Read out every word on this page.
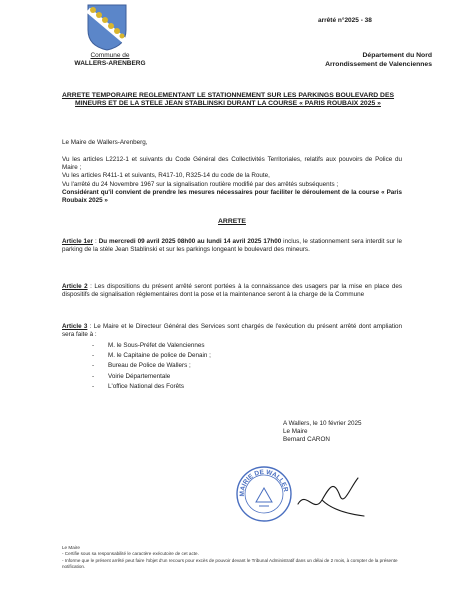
Commune de
WALLERS-ARENBERG
arrêté n°2025 - 38
Département du Nord
Arrondissement de Valenciennes
ARRETE TEMPORAIRE REGLEMENTANT LE STATIONNEMENT SUR LES PARKINGS BOULEVARD DES MINEURS ET DE LA STELE JEAN STABLINSKI DURANT LA COURSE « PARIS ROUBAIX 2025 »
Le Maire de Wallers-Arenberg,
Vu les articles L2212-1 et suivants du Code Général des Collectivités Territoriales, relatifs aux pouvoirs de Police du Maire ;
Vu les articles R411-1 et suivants, R417-10, R325-14 du code de la Route,
Vu l'arrêté du 24 Novembre 1967 sur la signalisation routière modifié par des arrêtés subséquents ;
Considérant qu'il convient de prendre les mesures nécessaires pour faciliter le déroulement de la course « Paris Roubaix 2025 »
ARRETE
Article 1er : Du mercredi 09 avril 2025 08h00 au lundi 14 avril 2025 17h00 inclus, le stationnement sera interdit sur le parking de la stèle Jean Stablinski et sur les parkings longeant le boulevard des mineurs.
Article 2 : Les dispositions du présent arrêté seront portées à la connaissance des usagers par la mise en place des dispositifs de signalisation réglementaires dont la pose et la maintenance seront à la charge de la Commune
Article 3 : Le Maire et le Directeur Général des Services sont chargés de l'exécution du présent arrêté dont ampliation sera faite à :
-	M. le Sous-Préfet de Valenciennes
-	M. le Capitaine de police de Denain ;
-	Bureau de Police de Wallers ;
-	Voirie Départementale
-	L'office National des Forêts
A Wallers, le 10 février 2025
Le Maire
Bernard CARON
MAIRIE DE WALLER
Le Maire
- Certifie sous sa responsabilité le caractère exécutoire de cet acte.
- Informe que le présent arrêté peut faire l'objet d'un recours pour excès de pouvoir devant le Tribunal Administratif dans un délai de 2 mois, à compter de la présente notification.
